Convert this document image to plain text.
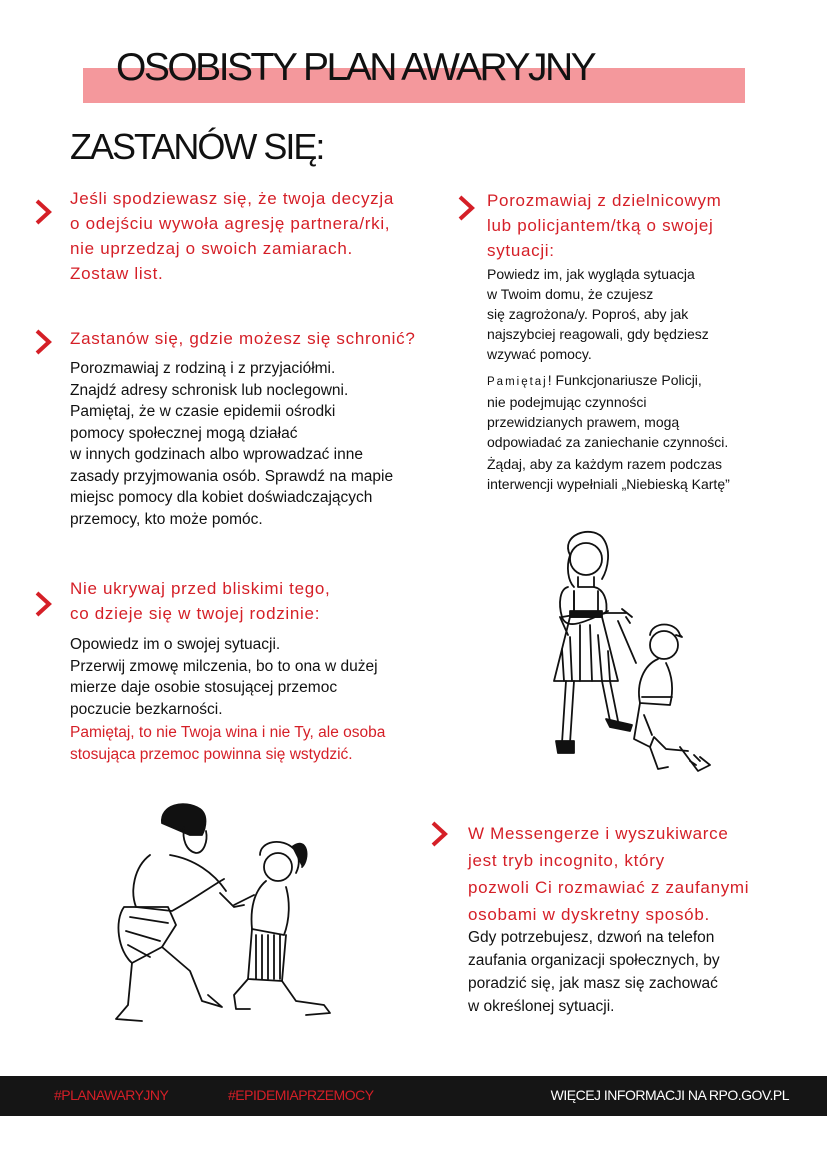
OSOBISTY PLAN AWARYJNY
ZASTANÓW SIĘ:
Jeśli spodziewasz się, że twoja decyzja
o odejściu wywoła agresję partnera/rki,
nie uprzedzaj o swoich zamiarach.
Zostaw list.
Zastanów się, gdzie możesz się schronić?
Porozmawiaj z rodziną i z przyjaciółmi.
Znajdź adresy schronisk lub noclegowni.
Pamiętaj, że w czasie epidemii ośrodki
pomocy społecznej mogą działać
w innych godzinach albo wprowadzać inne
zasady przyjmowania osób. Sprawdź na mapie
miejsc pomocy dla kobiet doświadczających
przemocy, kto może pomóc.
Nie ukrywaj przed bliskimi tego,
co dzieje się w twojej rodzinie:
Opowiedz im o swojej sytuacji.
Przerwij zmowę milczenia, bo to ona w dużej
mierze daje osobie stosującej przemoc
poczucie bezkarności.
Pamiętaj, to nie Twoja wina i nie Ty, ale osoba
stosująca przemoc powinna się wstydzić.
Porozmawiaj z dzielnicowym
lub policjantem/tką o swojej
sytuacji:
Powiedz im, jak wygląda sytuacja
w Twoim domu, że czujesz
się zagrożona/y. Poproś, aby jak
najszybciej reagowali, gdy będziesz
wzywać pomocy.
Pamiętaj! Funkcjonariusze Policji,
nie podejmując czynności
przewidzianych prawem, mogą
odpowiadać za zaniechanie czynności.
Żądaj, aby za każdym razem podczas
interwencji wypełniali „Niebieską Kartę”
W Messengerze i wyszukiwarce
jest tryb incognito, który
pozwoli Ci rozmawiać z zaufanymi
osobami w dyskretny sposób.
Gdy potrzebujesz, dzwoń na telefon
zaufania organizacji społecznych, by
poradzić się, jak masz się zachować
w określonej sytuacji.
#PLANAWARYJNY	#EPIDEMIAPRZEMOCY	WIĘCEJ INFORMACJI NA RPO.GOV.PL
